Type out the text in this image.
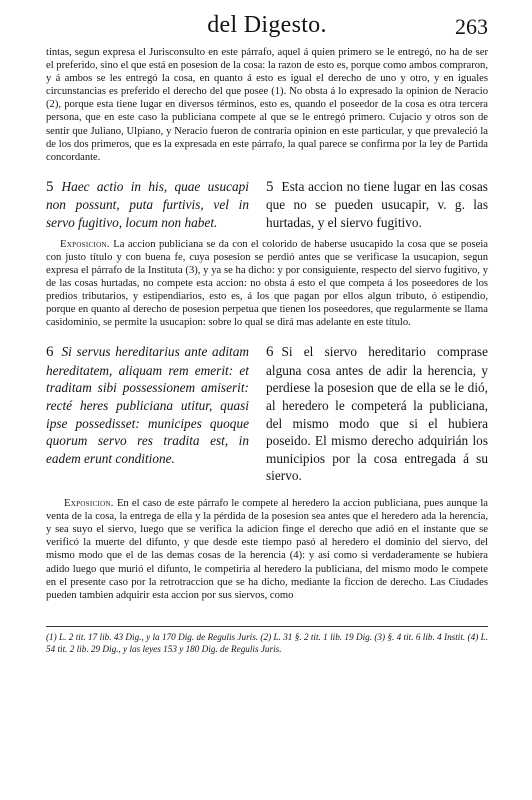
del Digesto.	263

tintas, segun expresa el Jurisconsulto en este párrafo, aquel á quien primero se le entregó, no ha de ser el preferido, sino el que está en posesion de la cosa: la razon de esto es, porque como ambos compraron, y á ambos se les entregó la cosa, en quanto á esto es igual el derecho de uno y otro, y en iguales circunstancias es preferido el derecho del que posee (1). No obsta á lo expresado la opinion de Neracio (2), porque esta tiene lugar en diversos términos, esto es, quando el poseedor de la cosa es otra tercera persona, que en este caso la publiciana compete al que se le entregó primero. Cujacio y otros son de sentir que Juliano, Ulpiano, y Neracio fueron de contraria opinion en este particular, y que prevaleció la de los dos primeros, que es la expresada en este párrafo, la qual parece se confirma por la ley de Partida concordante.

5 Haec actio in his, quae usucapi non possunt, puta furtivis, vel in servo fugitivo, locum non habet.
5 Esta accion no tiene lugar en las cosas que no se pueden usucapir, v. g. las hurtadas, y el siervo fugitivo.

Exposicion. La accion publiciana se da con el colorido de haberse usucapido la cosa que se poseia con justo título y con buena fe, cuya posesion se perdió antes que se verificase la usucapion, segun expresa el párrafo de la Instituta (3), y ya se ha dicho: y por consiguiente, respecto del siervo fugitivo, y de las cosas hurtadas, no compete esta accion: no obsta á esto el que competa á los poseedores de los predios tributarios, y estipendiarios, esto es, á los que pagan por ellos algun tributo, ó estipendio, porque en quanto al derecho de posesion perpetua que tienen los poseedores, que regularmente se llama casidominio, se permite la usucapion: sobre lo qual se dirá mas adelante en este título.

6 Si servus hereditarius ante aditam hereditatem, aliquam rem emerit: et traditam sibi possessionem amiserit: recté heres publiciana utitur, quasi ipse possedisset: municipes quoque quorum servo res tradita est, in eadem erunt conditione.
6 Si el siervo hereditario comprase alguna cosa antes de adir la herencia, y perdiese la posesion que de ella se le dió, al heredero le competerá la publiciana, del mismo modo que si el hubiera poseido. El mismo derecho adquirián los municipios por la cosa entregada á su siervo.

Exposicion. En el caso de este párrafo le compete al heredero la accion publiciana, pues aunque la venta de la cosa, la entrega de ella y la pérdida de la posesion sea antes que el heredero ada la herencia, y sea suyo el siervo, luego que se verifica la adicion finge el derecho que adió en el instante que se verificó la muerte del difunto, y que desde este tiempo pasó al heredero el dominio del siervo, del mismo modo que el de las demas cosas de la herencia (4): y así como si verdaderamente se hubiera adido luego que murió el difunto, le competiria al heredero la publiciana, del mismo modo le compete en el presente caso por la retrotraccion que se ha dicho, mediante la ficcion de derecho. Las Ciudades pueden tambien adquirir esta accion por sus siervos, como

(1) L. 2 tit. 17 lib. 43 Dig., y la 170 Dig. de Regulis Juris. (2) L. 31 §. 2 tit. 1 lib. 19 Dig. (3) §. 4 tit. 6 lib. 4 Instit. (4) L. 54 tit. 2 lib. 29 Dig., y las leyes 153 y 180 Dig. de Regulis Juris.
